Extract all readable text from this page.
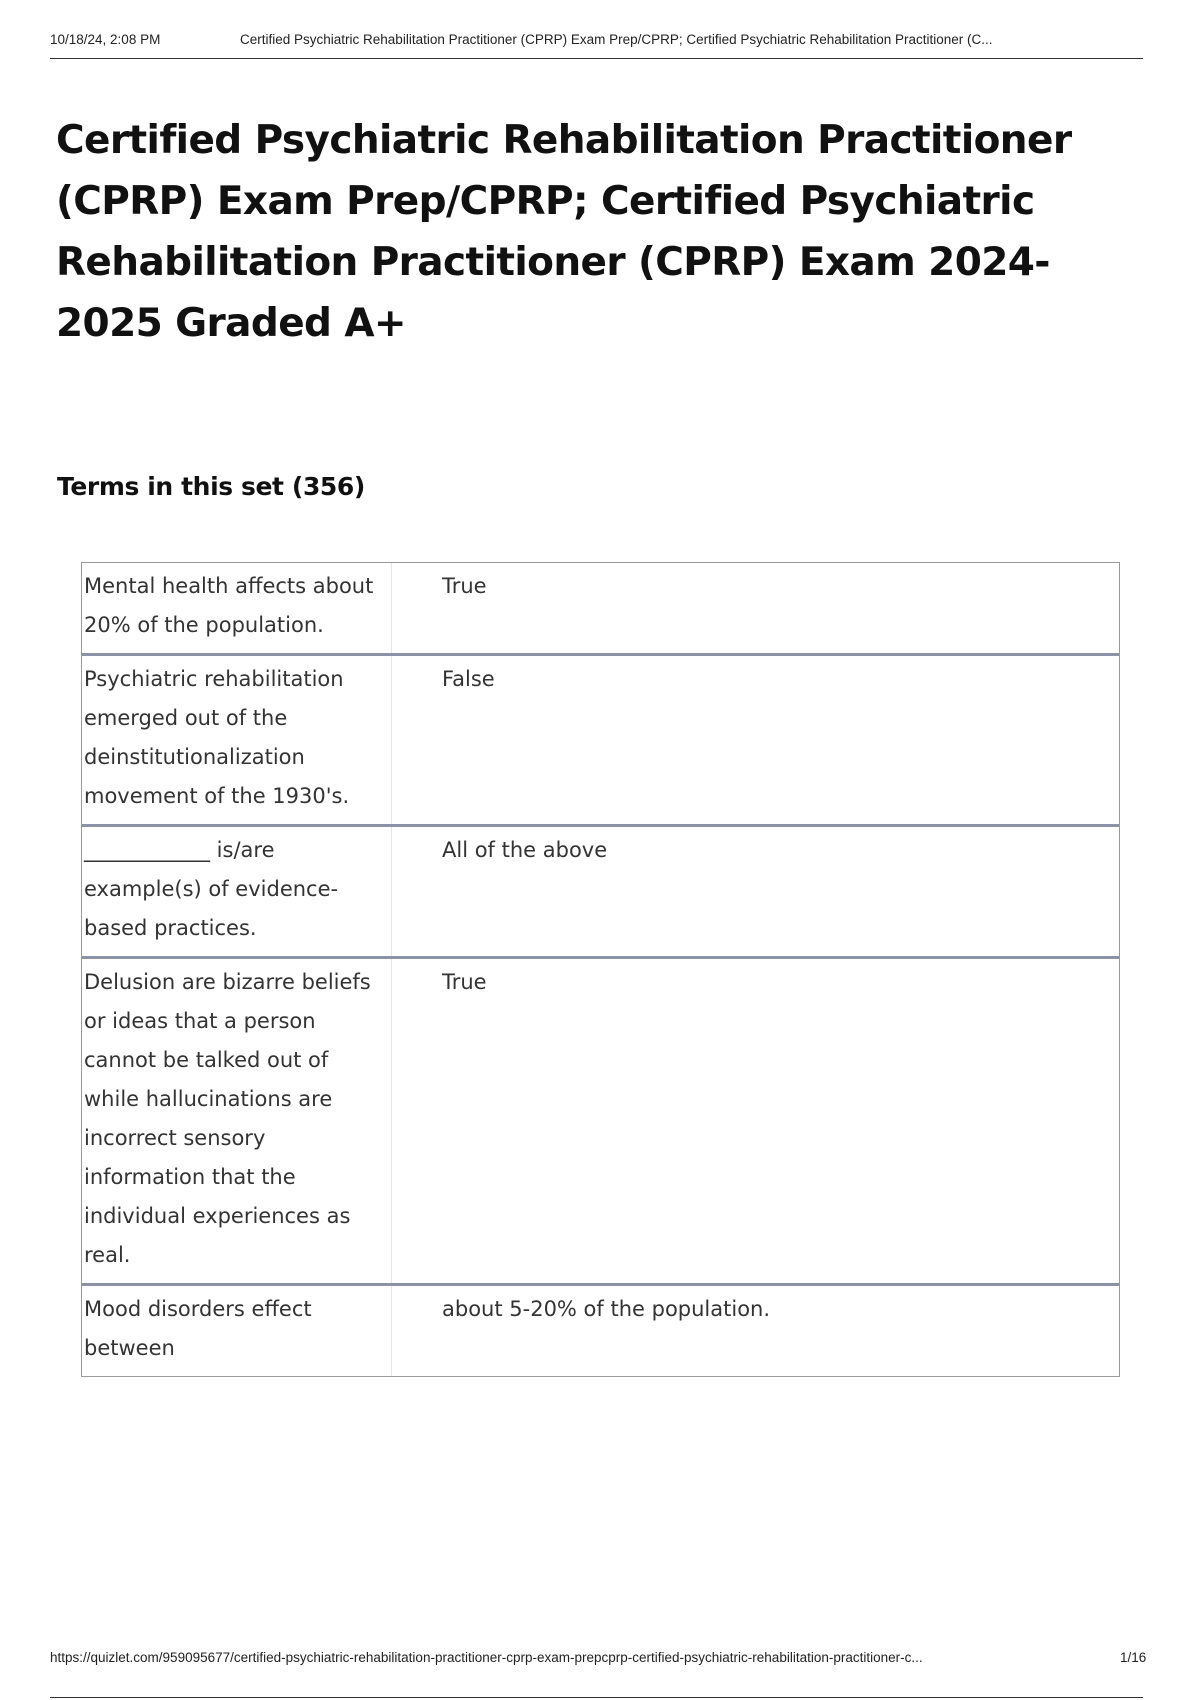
10/18/24, 2:08 PM	Certified Psychiatric Rehabilitation Practitioner (CPRP) Exam Prep/CPRP; Certified Psychiatric Rehabilitation Practitioner (C...
Certified Psychiatric Rehabilitation Practitioner (CPRP) Exam Prep/CPRP; Certified Psychiatric Rehabilitation Practitioner (CPRP) Exam 2024-2025 Graded A+
Terms in this set (356)
Mental health affects about 20% of the population.
True
Psychiatric rehabilitation emerged out of the deinstitutionalization movement of the 1930's.
False
____________ is/are example(s) of evidence-based practices.
All of the above
Delusion are bizarre beliefs or ideas that a person cannot be talked out of while hallucinations are incorrect sensory information that the individual experiences as real.
True
Mood disorders effect between
about 5-20% of the population.
https://quizlet.com/959095677/certified-psychiatric-rehabilitation-practitioner-cprp-exam-prepcprp-certified-psychiatric-rehabilitation-practitioner-c...	1/16
